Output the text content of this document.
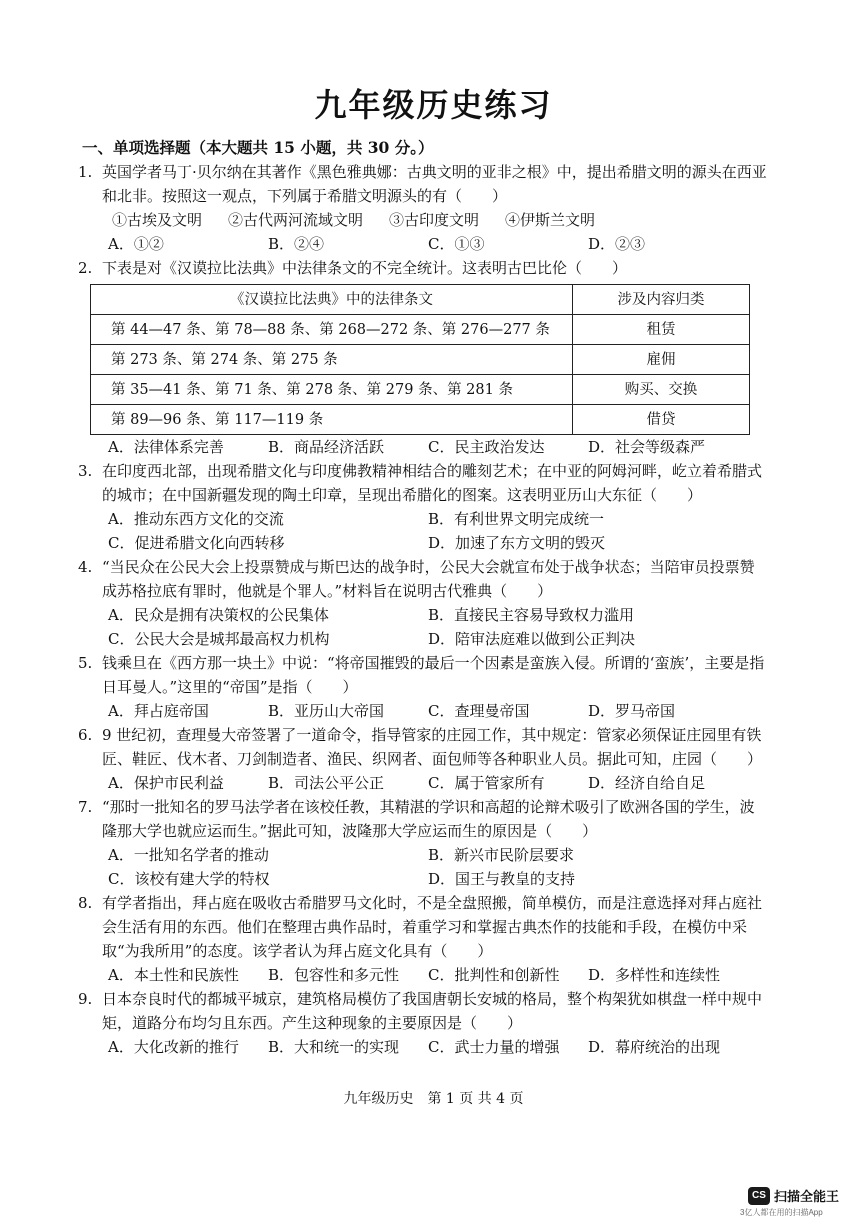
九年级历史练习
一、单项选择题（本大题共 15 小题，共 30 分。）
1. 英国学者马丁·贝尔纳在其著作《黑色雅典娜：古典文明的亚非之根》中，提出希腊文明的源头在西亚和北非。按照这一观点，下列属于希腊文明源头的有（　　）
①古埃及文明 ②古代两河流域文明 ③古印度文明 ④伊斯兰文明
A．①②	B．②④	C．①③	D．②③
2. 下表是对《汉谟拉比法典》中法律条文的不完全统计。这表明古巴比伦（　　）
《汉谟拉比法典》中的法律条文	涉及内容归类
第 44—47 条、第 78—88 条、第 268—272 条、第 276—277 条	租赁
第 273 条、第 274 条、第 275 条	雇佣
第 35—41 条、第 71 条、第 278 条、第 279 条、第 281 条	购买、交换
第 89—96 条、第 117—119 条	借贷
A．法律体系完善	B．商品经济活跃	C．民主政治发达	D．社会等级森严
3. 在印度西北部，出现希腊文化与印度佛教精神相结合的雕刻艺术；在中亚的阿姆河畔，屹立着希腊式的城市；在中国新疆发现的陶土印章，呈现出希腊化的图案。这表明亚历山大东征（　　）
A．推动东西方文化的交流	B．有利世界文明完成统一
C．促进希腊文化向西转移	D．加速了东方文明的毁灭
4. “当民众在公民大会上投票赞成与斯巴达的战争时，公民大会就宣布处于战争状态；当陪审员投票赞成苏格拉底有罪时，他就是个罪人。”材料旨在说明古代雅典（　　）
A．民众是拥有决策权的公民集体	B．直接民主容易导致权力滥用
C．公民大会是城邦最高权力机构	D．陪审法庭难以做到公正判决
5. 钱乘旦在《西方那一块土》中说：“将帝国摧毁的最后一个因素是蛮族入侵。所谓的‘蛮族’，主要是指日耳曼人。”这里的“帝国”是指（　　）
A．拜占庭帝国	B．亚历山大帝国	C．查理曼帝国	D．罗马帝国
6. 9 世纪初，查理曼大帝签署了一道命令，指导管家的庄园工作，其中规定：管家必须保证庄园里有铁匠、鞋匠、伐木者、刀剑制造者、渔民、织网者、面包师等各种职业人员。据此可知，庄园（　　）
A．保护市民利益	B．司法公平公正	C．属于管家所有	D．经济自给自足
7. “那时一批知名的罗马法学者在该校任教，其精湛的学识和高超的论辩术吸引了欧洲各国的学生，波隆那大学也就应运而生。”据此可知，波隆那大学应运而生的原因是（　　）
A．一批知名学者的推动	B．新兴市民阶层要求
C．该校有建大学的特权	D．国王与教皇的支持
8. 有学者指出，拜占庭在吸收古希腊罗马文化时，不是全盘照搬，简单模仿，而是注意选择对拜占庭社会生活有用的东西。他们在整理古典作品时，着重学习和掌握古典杰作的技能和手段，在模仿中采取“为我所用”的态度。该学者认为拜占庭文化具有（　　）
A．本土性和民族性	B．包容性和多元性	C．批判性和创新性	D．多样性和连续性
9. 日本奈良时代的都城平城京，建筑格局模仿了我国唐朝长安城的格局，整个构架犹如棋盘一样中规中矩，道路分布均匀且东西。产生这种现象的主要原因是（　　）
A．大化改新的推行	B．大和统一的实现	C．武士力量的增强	D．幕府统治的出现
九年级历史　第 1 页 共 4 页
CS 扫描全能王
3亿人都在用的扫描App
